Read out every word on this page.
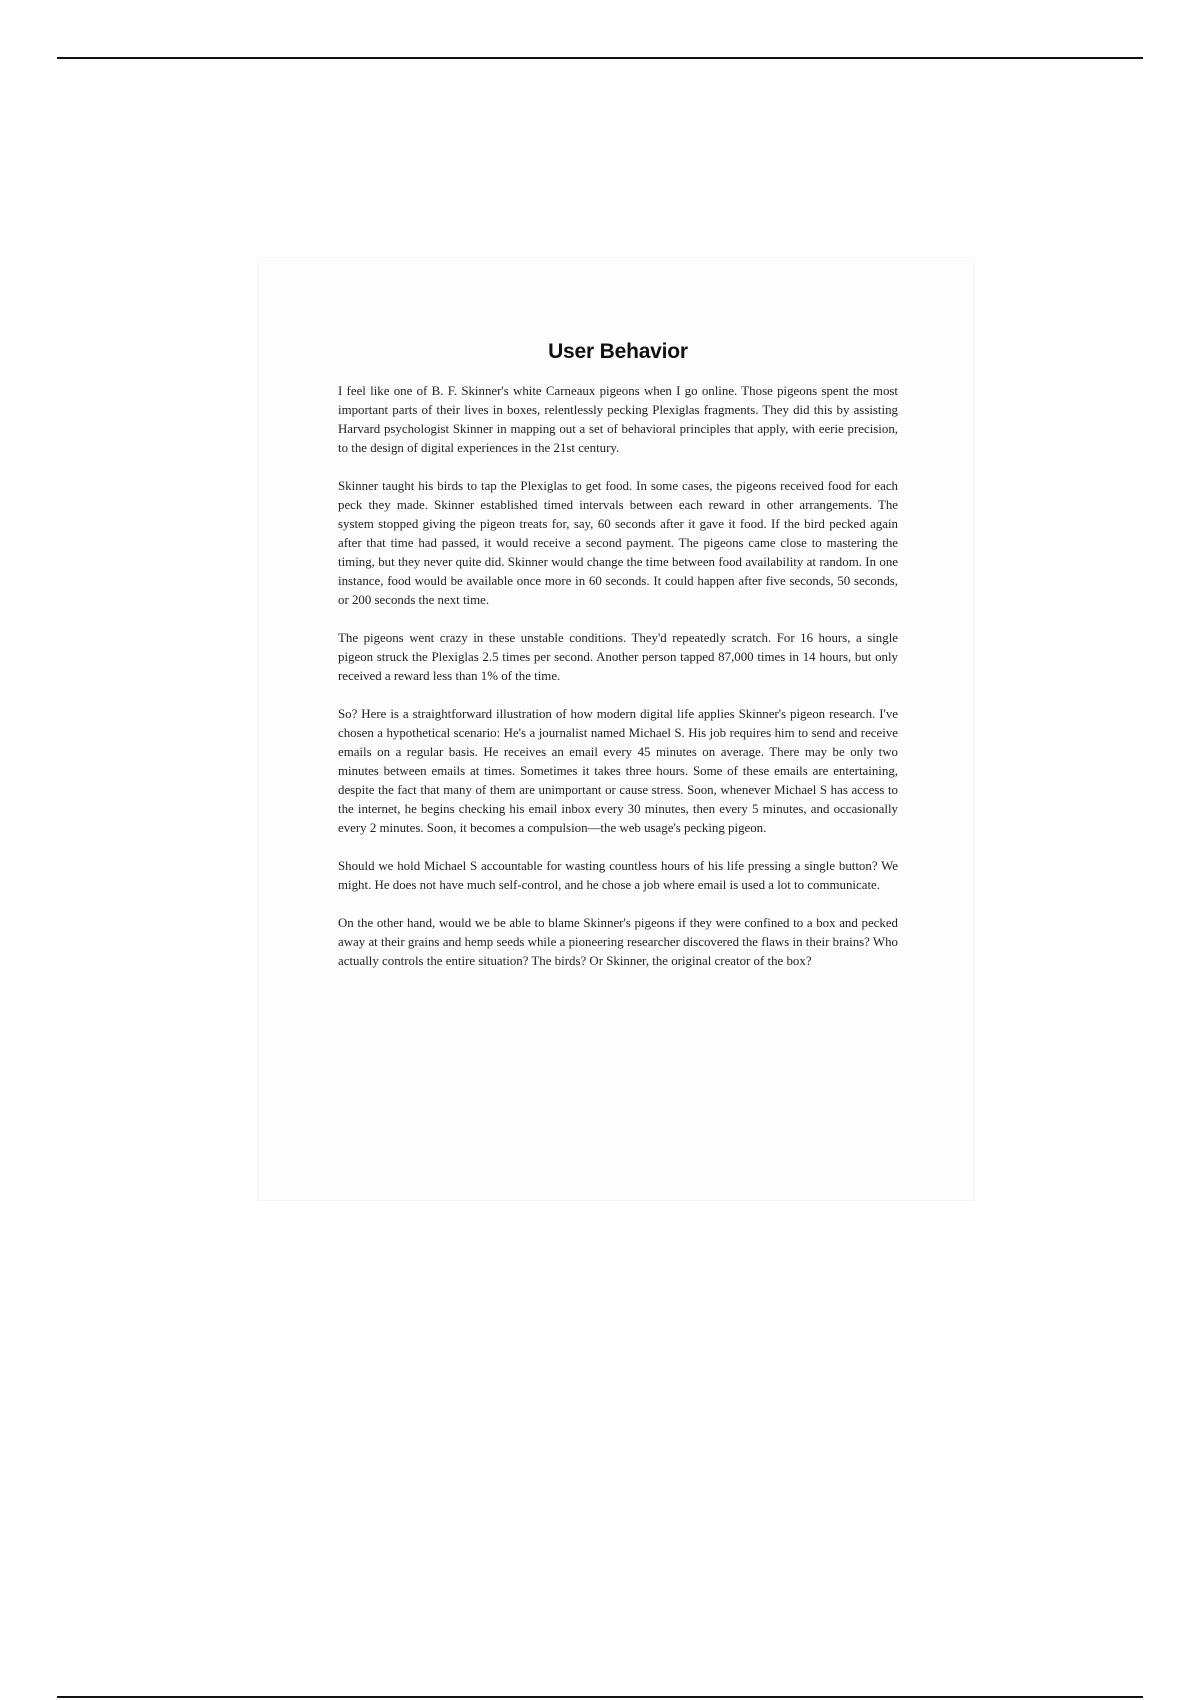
User Behavior

I feel like one of B. F. Skinner's white Carneaux pigeons when I go online. Those pigeons spent the most important parts of their lives in boxes, relentlessly pecking Plexiglas fragments. They did this by assisting Harvard psychologist Skinner in mapping out a set of behavioral principles that apply, with eerie precision, to the design of digital experiences in the 21st century.

Skinner taught his birds to tap the Plexiglas to get food. In some cases, the pigeons received food for each peck they made. Skinner established timed intervals between each reward in other arrangements. The system stopped giving the pigeon treats for, say, 60 seconds after it gave it food. If the bird pecked again after that time had passed, it would receive a second payment. The pigeons came close to mastering the timing, but they never quite did. Skinner would change the time between food availability at random. In one instance, food would be available once more in 60 seconds. It could happen after five seconds, 50 seconds, or 200 seconds the next time.

The pigeons went crazy in these unstable conditions. They'd repeatedly scratch. For 16 hours, a single pigeon struck the Plexiglas 2.5 times per second. Another person tapped 87,000 times in 14 hours, but only received a reward less than 1% of the time.

So? Here is a straightforward illustration of how modern digital life applies Skinner's pigeon research. I've chosen a hypothetical scenario: He's a journalist named Michael S. His job requires him to send and receive emails on a regular basis. He receives an email every 45 minutes on average. There may be only two minutes between emails at times. Sometimes it takes three hours. Some of these emails are entertaining, despite the fact that many of them are unimportant or cause stress. Soon, whenever Michael S has access to the internet, he begins checking his email inbox every 30 minutes, then every 5 minutes, and occasionally every 2 minutes. Soon, it becomes a compulsion—the web usage's pecking pigeon.

Should we hold Michael S accountable for wasting countless hours of his life pressing a single button? We might. He does not have much self-control, and he chose a job where email is used a lot to communicate.

On the other hand, would we be able to blame Skinner's pigeons if they were confined to a box and pecked away at their grains and hemp seeds while a pioneering researcher discovered the flaws in their brains? Who actually controls the entire situation? The birds? Or Skinner, the original creator of the box?
